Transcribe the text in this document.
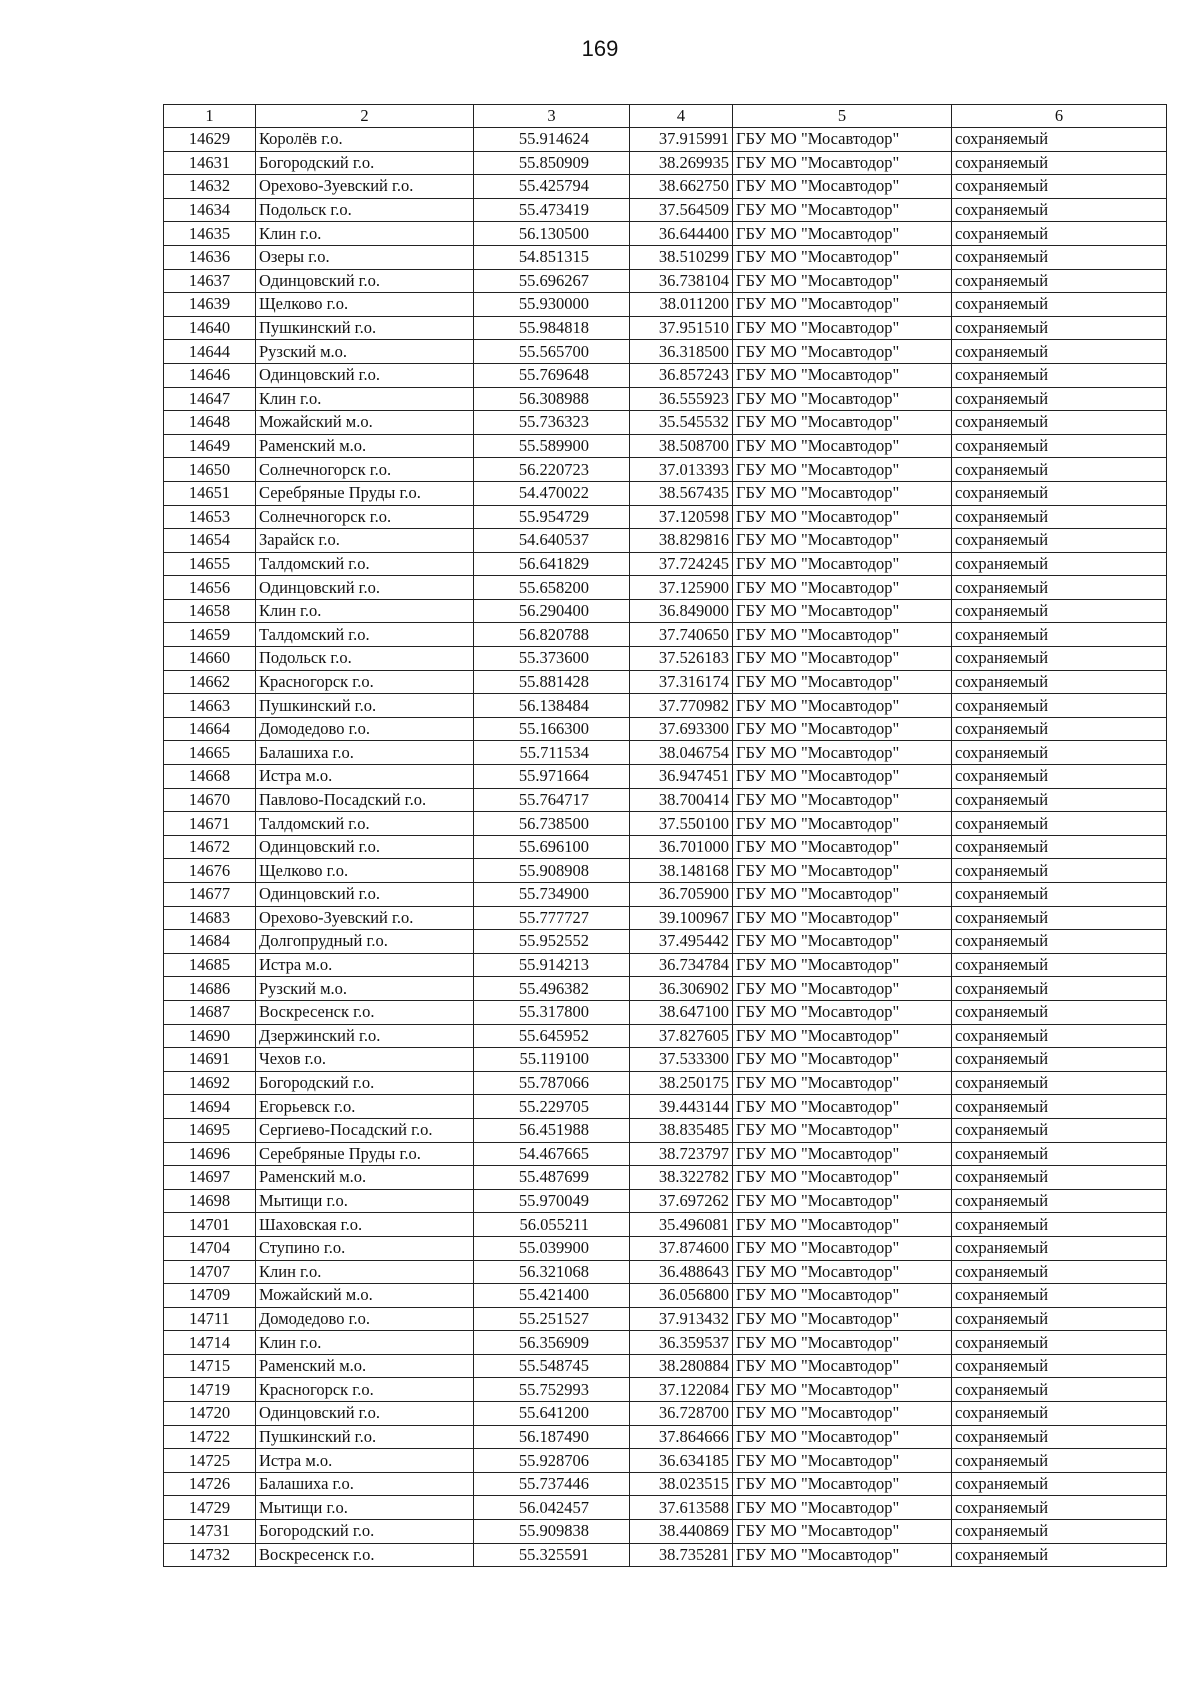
169
1	2	3	4	5	6
14629	Королёв г.о.	55.914624	37.915991	ГБУ МО "Мосавтодор"	сохраняемый
14631	Богородский г.о.	55.850909	38.269935	ГБУ МО "Мосавтодор"	сохраняемый
14632	Орехово-Зуевский г.о.	55.425794	38.662750	ГБУ МО "Мосавтодор"	сохраняемый
14634	Подольск г.о.	55.473419	37.564509	ГБУ МО "Мосавтодор"	сохраняемый
14635	Клин г.о.	56.130500	36.644400	ГБУ МО "Мосавтодор"	сохраняемый
14636	Озеры г.о.	54.851315	38.510299	ГБУ МО "Мосавтодор"	сохраняемый
14637	Одинцовский г.о.	55.696267	36.738104	ГБУ МО "Мосавтодор"	сохраняемый
14639	Щелково г.о.	55.930000	38.011200	ГБУ МО "Мосавтодор"	сохраняемый
14640	Пушкинский г.о.	55.984818	37.951510	ГБУ МО "Мосавтодор"	сохраняемый
14644	Рузский м.о.	55.565700	36.318500	ГБУ МО "Мосавтодор"	сохраняемый
14646	Одинцовский г.о.	55.769648	36.857243	ГБУ МО "Мосавтодор"	сохраняемый
14647	Клин г.о.	56.308988	36.555923	ГБУ МО "Мосавтодор"	сохраняемый
14648	Можайский м.о.	55.736323	35.545532	ГБУ МО "Мосавтодор"	сохраняемый
14649	Раменский м.о.	55.589900	38.508700	ГБУ МО "Мосавтодор"	сохраняемый
14650	Солнечногорск г.о.	56.220723	37.013393	ГБУ МО "Мосавтодор"	сохраняемый
14651	Серебряные Пруды г.о.	54.470022	38.567435	ГБУ МО "Мосавтодор"	сохраняемый
14653	Солнечногорск г.о.	55.954729	37.120598	ГБУ МО "Мосавтодор"	сохраняемый
14654	Зарайск г.о.	54.640537	38.829816	ГБУ МО "Мосавтодор"	сохраняемый
14655	Талдомский г.о.	56.641829	37.724245	ГБУ МО "Мосавтодор"	сохраняемый
14656	Одинцовский г.о.	55.658200	37.125900	ГБУ МО "Мосавтодор"	сохраняемый
14658	Клин г.о.	56.290400	36.849000	ГБУ МО "Мосавтодор"	сохраняемый
14659	Талдомский г.о.	56.820788	37.740650	ГБУ МО "Мосавтодор"	сохраняемый
14660	Подольск г.о.	55.373600	37.526183	ГБУ МО "Мосавтодор"	сохраняемый
14662	Красногорск г.о.	55.881428	37.316174	ГБУ МО "Мосавтодор"	сохраняемый
14663	Пушкинский г.о.	56.138484	37.770982	ГБУ МО "Мосавтодор"	сохраняемый
14664	Домодедово г.о.	55.166300	37.693300	ГБУ МО "Мосавтодор"	сохраняемый
14665	Балашиха г.о.	55.711534	38.046754	ГБУ МО "Мосавтодор"	сохраняемый
14668	Истра м.о.	55.971664	36.947451	ГБУ МО "Мосавтодор"	сохраняемый
14670	Павлово-Посадский г.о.	55.764717	38.700414	ГБУ МО "Мосавтодор"	сохраняемый
14671	Талдомский г.о.	56.738500	37.550100	ГБУ МО "Мосавтодор"	сохраняемый
14672	Одинцовский г.о.	55.696100	36.701000	ГБУ МО "Мосавтодор"	сохраняемый
14676	Щелково г.о.	55.908908	38.148168	ГБУ МО "Мосавтодор"	сохраняемый
14677	Одинцовский г.о.	55.734900	36.705900	ГБУ МО "Мосавтодор"	сохраняемый
14683	Орехово-Зуевский г.о.	55.777727	39.100967	ГБУ МО "Мосавтодор"	сохраняемый
14684	Долгопрудный г.о.	55.952552	37.495442	ГБУ МО "Мосавтодор"	сохраняемый
14685	Истра м.о.	55.914213	36.734784	ГБУ МО "Мосавтодор"	сохраняемый
14686	Рузский м.о.	55.496382	36.306902	ГБУ МО "Мосавтодор"	сохраняемый
14687	Воскресенск г.о.	55.317800	38.647100	ГБУ МО "Мосавтодор"	сохраняемый
14690	Дзержинский г.о.	55.645952	37.827605	ГБУ МО "Мосавтодор"	сохраняемый
14691	Чехов г.о.	55.119100	37.533300	ГБУ МО "Мосавтодор"	сохраняемый
14692	Богородский г.о.	55.787066	38.250175	ГБУ МО "Мосавтодор"	сохраняемый
14694	Егорьевск г.о.	55.229705	39.443144	ГБУ МО "Мосавтодор"	сохраняемый
14695	Сергиево-Посадский г.о.	56.451988	38.835485	ГБУ МО "Мосавтодор"	сохраняемый
14696	Серебряные Пруды г.о.	54.467665	38.723797	ГБУ МО "Мосавтодор"	сохраняемый
14697	Раменский м.о.	55.487699	38.322782	ГБУ МО "Мосавтодор"	сохраняемый
14698	Мытищи г.о.	55.970049	37.697262	ГБУ МО "Мосавтодор"	сохраняемый
14701	Шаховская г.о.	56.055211	35.496081	ГБУ МО "Мосавтодор"	сохраняемый
14704	Ступино г.о.	55.039900	37.874600	ГБУ МО "Мосавтодор"	сохраняемый
14707	Клин г.о.	56.321068	36.488643	ГБУ МО "Мосавтодор"	сохраняемый
14709	Можайский м.о.	55.421400	36.056800	ГБУ МО "Мосавтодор"	сохраняемый
14711	Домодедово г.о.	55.251527	37.913432	ГБУ МО "Мосавтодор"	сохраняемый
14714	Клин г.о.	56.356909	36.359537	ГБУ МО "Мосавтодор"	сохраняемый
14715	Раменский м.о.	55.548745	38.280884	ГБУ МО "Мосавтодор"	сохраняемый
14719	Красногорск г.о.	55.752993	37.122084	ГБУ МО "Мосавтодор"	сохраняемый
14720	Одинцовский г.о.	55.641200	36.728700	ГБУ МО "Мосавтодор"	сохраняемый
14722	Пушкинский г.о.	56.187490	37.864666	ГБУ МО "Мосавтодор"	сохраняемый
14725	Истра м.о.	55.928706	36.634185	ГБУ МО "Мосавтодор"	сохраняемый
14726	Балашиха г.о.	55.737446	38.023515	ГБУ МО "Мосавтодор"	сохраняемый
14729	Мытищи г.о.	56.042457	37.613588	ГБУ МО "Мосавтодор"	сохраняемый
14731	Богородский г.о.	55.909838	38.440869	ГБУ МО "Мосавтодор"	сохраняемый
14732	Воскресенск г.о.	55.325591	38.735281	ГБУ МО "Мосавтодор"	сохраняемый
